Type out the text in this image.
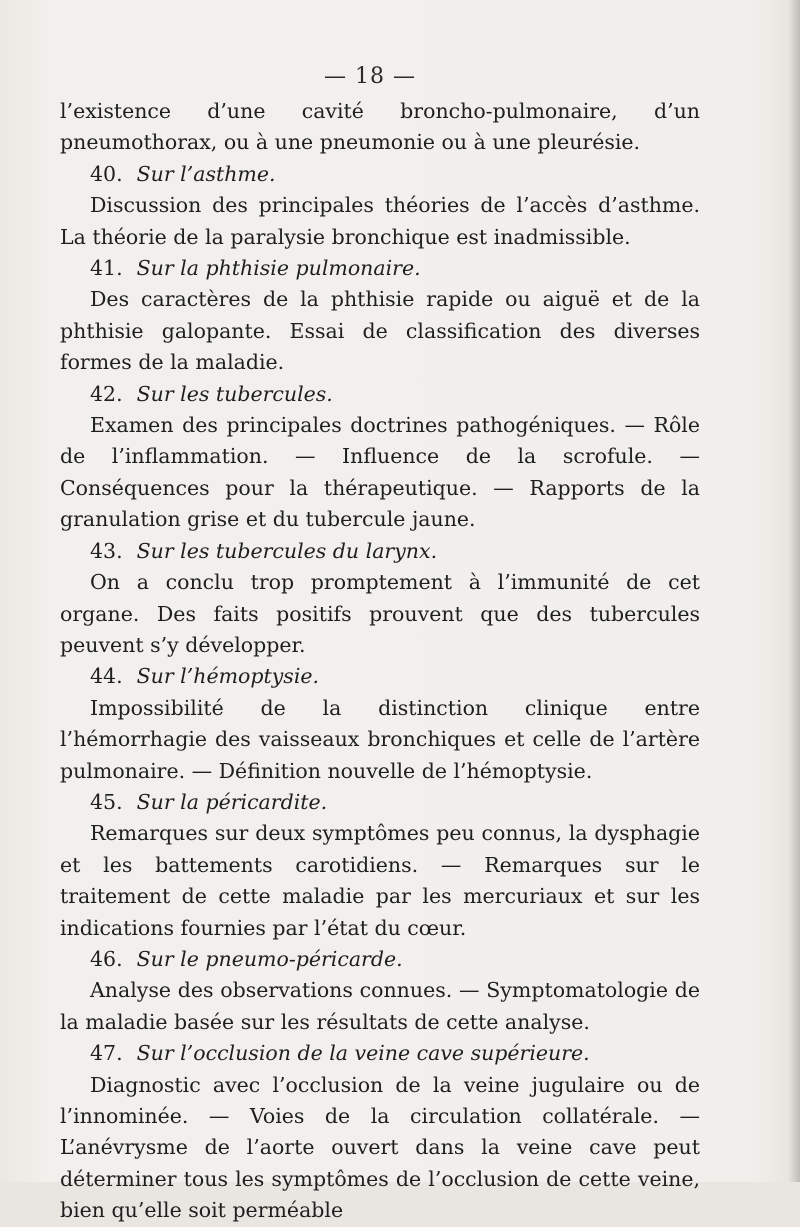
— 18 —

l’existence d’une cavité broncho-pulmonaire, d’un pneumothorax, ou à une pneumonie ou à une pleurésie.

40. Sur l’asthme.

Discussion des principales théories de l’accès d’asthme. La théorie de la paralysie bronchique est inadmissible.

41. Sur la phthisie pulmonaire.

Des caractères de la phthisie rapide ou aiguë et de la phthisie galopante. Essai de classification des diverses formes de la maladie.

42. Sur les tubercules.

Examen des principales doctrines pathogéniques. — Rôle de l’inflammation. — Influence de la scrofule. — Conséquences pour la thérapeutique. — Rapports de la granulation grise et du tubercule jaune.

43. Sur les tubercules du larynx.

On a conclu trop promptement à l’immunité de cet organe. Des faits positifs prouvent que des tubercules peuvent s’y développer.

44. Sur l’hémoptysie.

Impossibilité de la distinction clinique entre l’hémorrhagie des vaisseaux bronchiques et celle de l’artère pulmonaire. — Définition nouvelle de l’hémoptysie.

45. Sur la péricardite.

Remarques sur deux symptômes peu connus, la dysphagie et les battements carotidiens. — Remarques sur le traitement de cette maladie par les mercuriaux et sur les indications fournies par l’état du cœur.

46. Sur le pneumo-péricarde.

Analyse des observations connues. — Symptomatologie de la maladie basée sur les résultats de cette analyse.

47. Sur l’occlusion de la veine cave supérieure.

Diagnostic avec l’occlusion de la veine jugulaire ou de l’innominée. — Voies de la circulation collatérale. — L’anévrysme de l’aorte ouvert dans la veine cave peut déterminer tous les symptômes de l’occlusion de cette veine, bien qu’elle soit perméable
